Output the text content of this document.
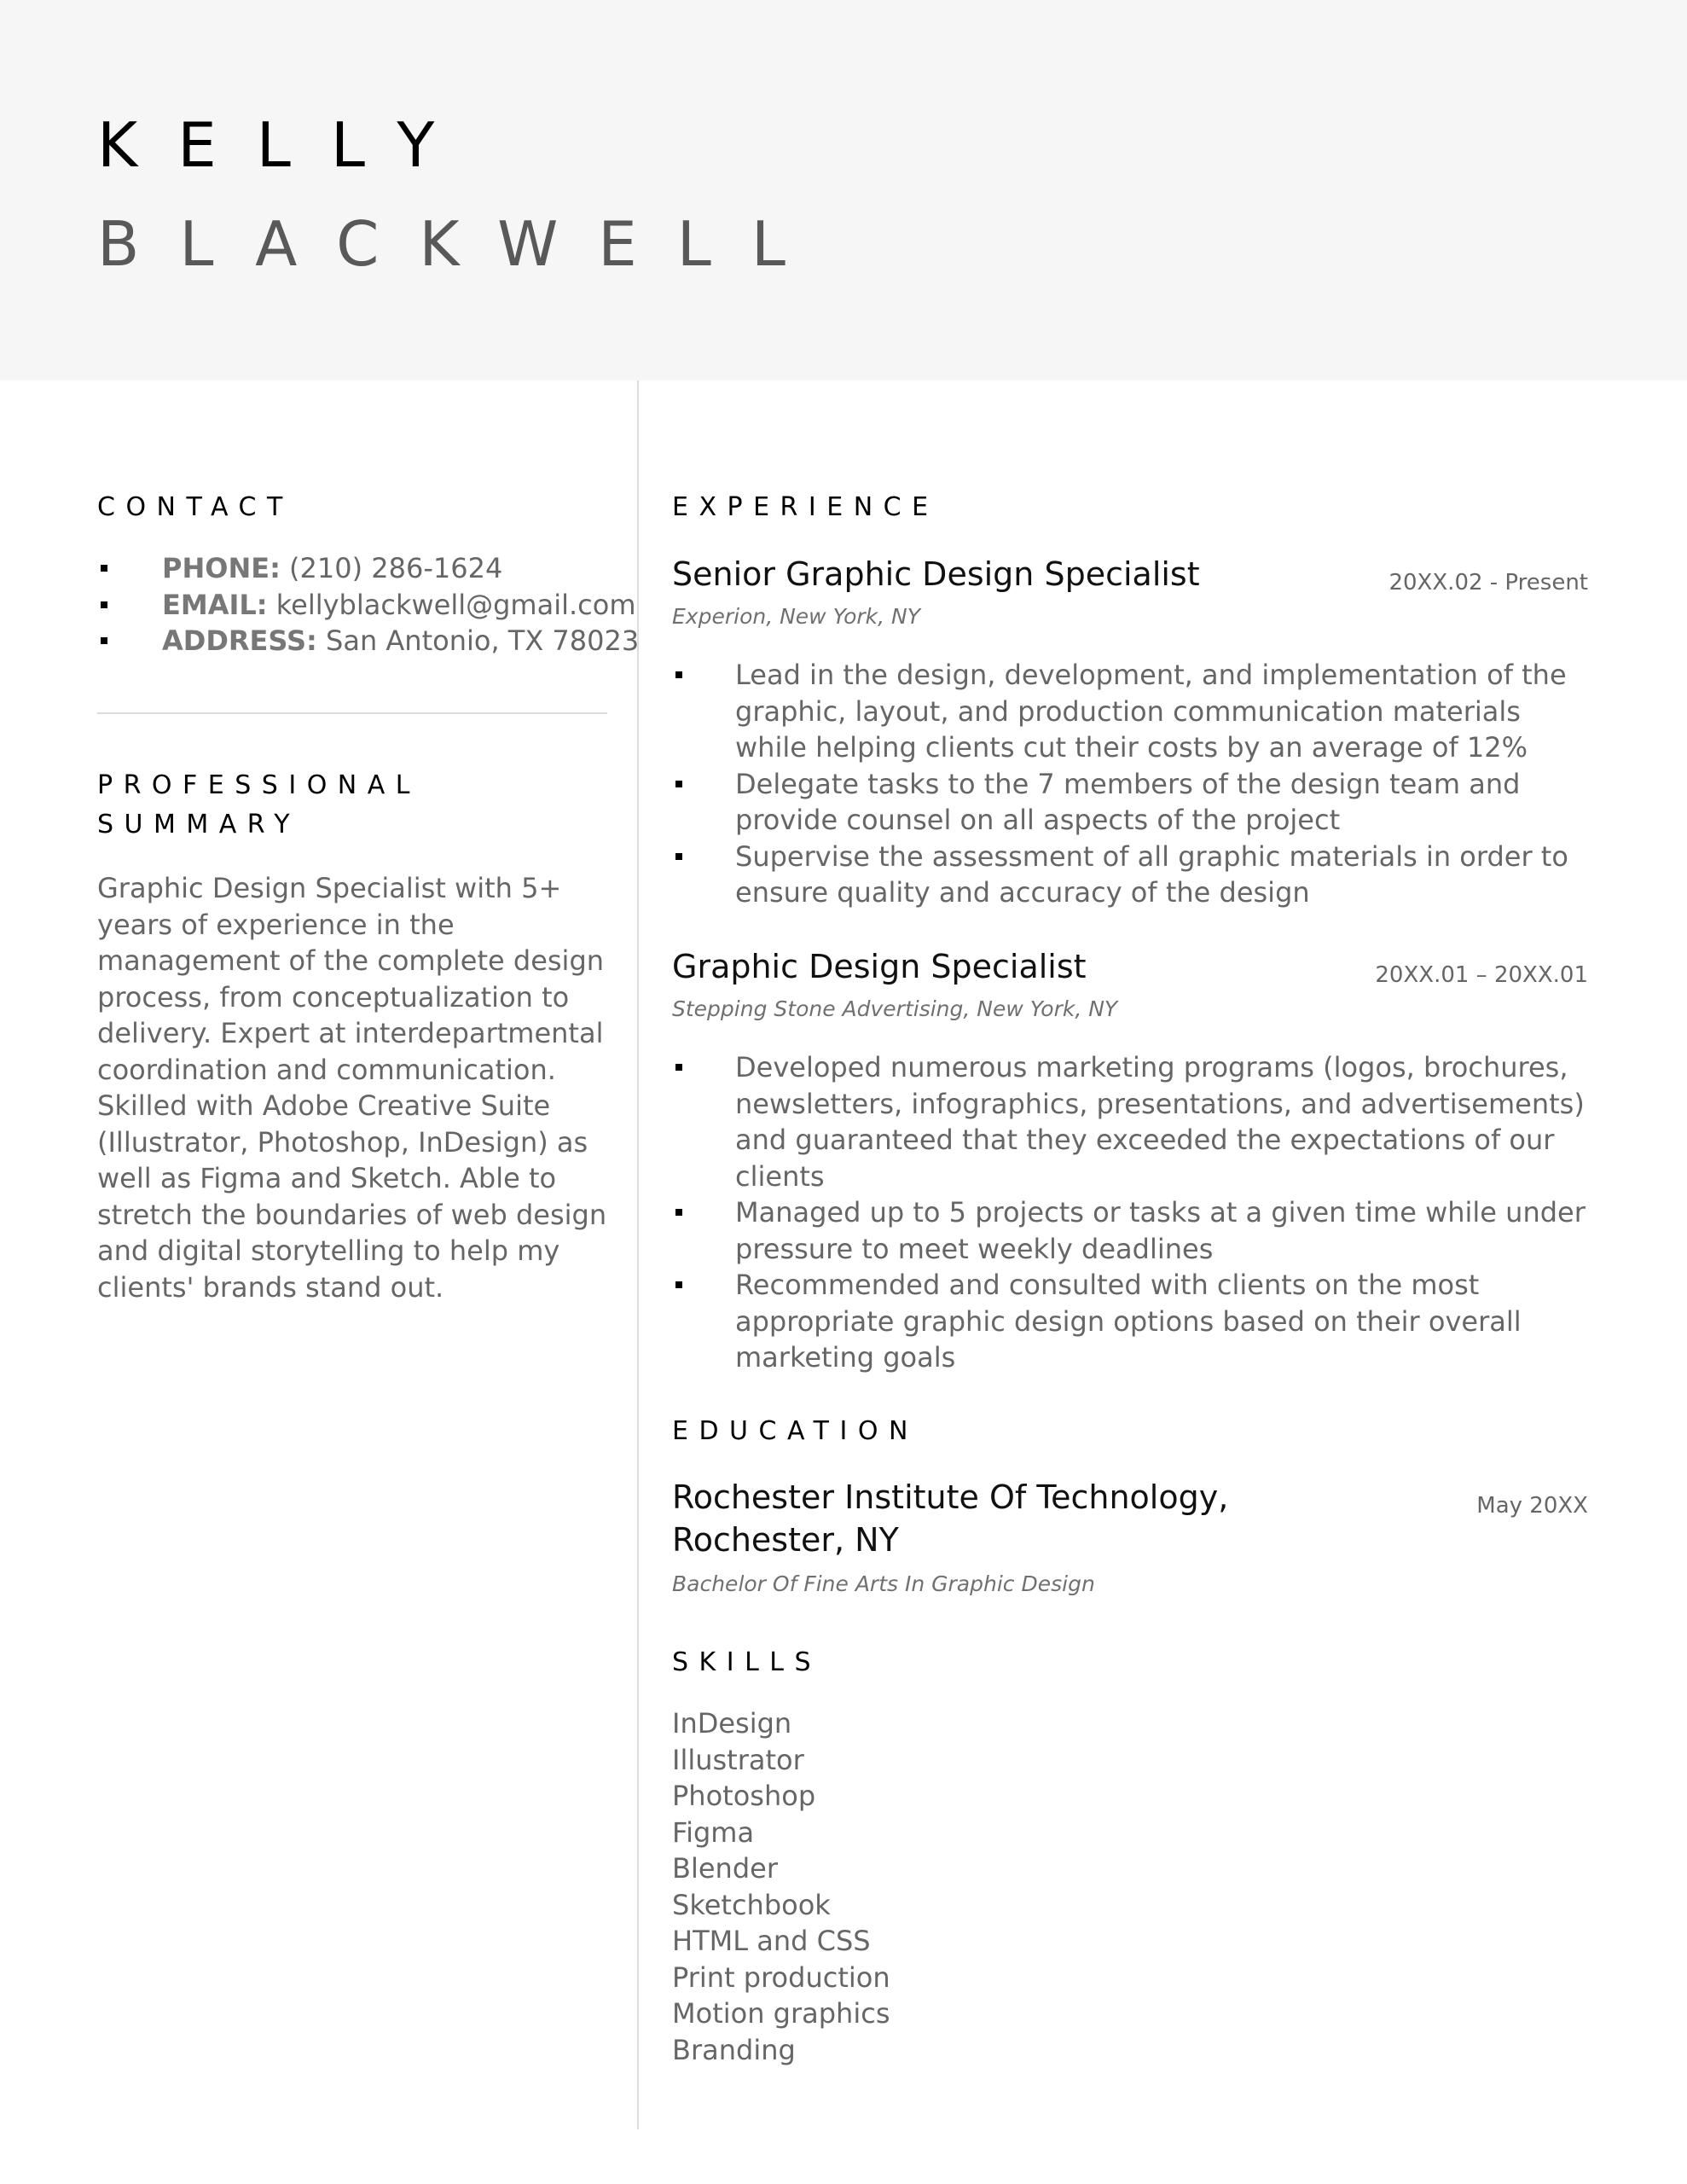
KELLY
BLACKWELL
CONTACT
PHONE: (210) 286-1624
EMAIL: kellyblackwell@gmail.com
ADDRESS: San Antonio, TX 78023
PROFESSIONAL
SUMMARY

Graphic Design Specialist with 5+ years of experience in the management of the complete design process, from conceptualization to delivery. Expert at interdepartmental coordination and communication. Skilled with Adobe Creative Suite (Illustrator, Photoshop, InDesign) as well as Figma and Sketch. Able to stretch the boundaries of web design and digital storytelling to help my clients' brands stand out.

EXPERIENCE
Senior Graphic Design Specialist	20XX.02 - Present
Experion, New York, NY
Lead in the design, development, and implementation of the graphic, layout, and production communication materials while helping clients cut their costs by an average of 12%
Delegate tasks to the 7 members of the design team and provide counsel on all aspects of the project
Supervise the assessment of all graphic materials in order to ensure quality and accuracy of the design
Graphic Design Specialist	20XX.01 – 20XX.01
Stepping Stone Advertising, New York, NY
Developed numerous marketing programs (logos, brochures, newsletters, infographics, presentations, and advertisements) and guaranteed that they exceeded the expectations of our clients
Managed up to 5 projects or tasks at a given time while under pressure to meet weekly deadlines
Recommended and consulted with clients on the most appropriate graphic design options based on their overall marketing goals
EDUCATION
Rochester Institute Of Technology,
Rochester, NY
May 20XX
Bachelor Of Fine Arts In Graphic Design
SKILLS
InDesign
Illustrator
Photoshop
Figma
Blender
Sketchbook
HTML and CSS
Print production
Motion graphics
Branding
